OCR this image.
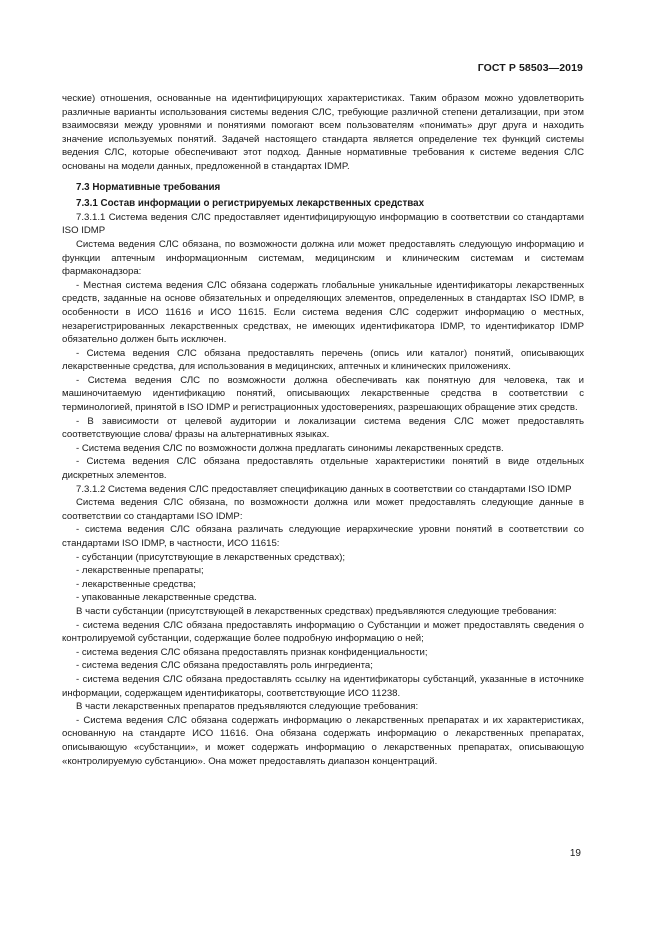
ГОСТ Р 58503—2019

ческие) отношения, основанные на идентифицирующих характеристиках. Таким образом можно удовлетворить различные варианты использования системы ведения СЛС, требующие различной степени детализации, при этом взаимосвязи между уровнями и понятиями помогают всем пользователям «понимать» друг друга и находить значение используемых понятий. Задачей настоящего стандарта является определение тех функций системы ведения СЛС, которые обеспечивают этот подход. Данные нормативные требования к системе ведения СЛС основаны на модели данных, предложенной в стандартах IDMP.

7.3 Нормативные требования
7.3.1 Состав информации о регистрируемых лекарственных средствах

7.3.1.1 Система ведения СЛС предоставляет идентифицирующую информацию в соответствии со стандартами ISO IDMP

Система ведения СЛС обязана, по возможности должна или может предоставлять следующую информацию и функции аптечным информационным системам, медицинским и клиническим системам и системам фармаконадзора:

- Местная система ведения СЛС обязана содержать глобальные уникальные идентификаторы лекарственных средств, заданные на основе обязательных и определяющих элементов, определенных в стандартах ISO IDMP, в особенности в ИСО 11616 и ИСО 11615. Если система ведения СЛС содержит информацию о местных, незарегистрированных лекарственных средствах, не имеющих идентификатора IDMP, то идентификатор IDMP обязательно должен быть исключен.

- Система ведения СЛС обязана предоставлять перечень (опись или каталог) понятий, описывающих лекарственные средства, для использования в медицинских, аптечных и клинических приложениях.

- Система ведения СЛС по возможности должна обеспечивать как понятную для человека, так и машиночитаемую идентификацию понятий, описывающих лекарственные средства в соответствии с терминологией, принятой в ISO IDMP и регистрационных удостоверениях, разрешающих обращение этих средств.

- В зависимости от целевой аудитории и локализации система ведения СЛС может предоставлять соответствующие слова/ фразы на альтернативных языках.

- Система ведения СЛС по возможности должна предлагать синонимы лекарственных средств.

- Система ведения СЛС обязана предоставлять отдельные характеристики понятий в виде отдельных дискретных элементов.

7.3.1.2 Система ведения СЛС предоставляет спецификацию данных в соответствии со стандартами ISO IDMP

Система ведения СЛС обязана, по возможности должна или может предоставлять следующие данные в соответствии со стандартами ISO IDMP:

- система ведения СЛС обязана различать следующие иерархические уровни понятий в соответствии со стандартами ISO IDMP, в частности, ИСО 11615:

- субстанции (присутствующие в лекарственных средствах);

- лекарственные препараты;

- лекарственные средства;

- упакованные лекарственные средства.

В части субстанции (присутствующей в лекарственных средствах) предъявляются следующие требования:

- система ведения СЛС обязана предоставлять информацию о Субстанции и может предоставлять сведения о контролируемой субстанции, содержащие более подробную информацию о ней;

- система ведения СЛС обязана предоставлять признак конфиденциальности;

- система ведения СЛС обязана предоставлять роль ингредиента;

- система ведения СЛС обязана предоставлять ссылку на идентификаторы субстанций, указанные в источнике информации, содержащем идентификаторы, соответствующие ИСО 11238.

В части лекарственных препаратов предъявляются следующие требования:

- Система ведения СЛС обязана содержать информацию о лекарственных препаратах и их характеристиках, основанную на стандарте ИСО 11616. Она обязана содержать информацию о лекарственных препаратах, описывающую «субстанции», и может содержать информацию о лекарственных препаратах, описывающую «контролируемую субстанцию». Она может предоставлять диапазон концентраций.

19
